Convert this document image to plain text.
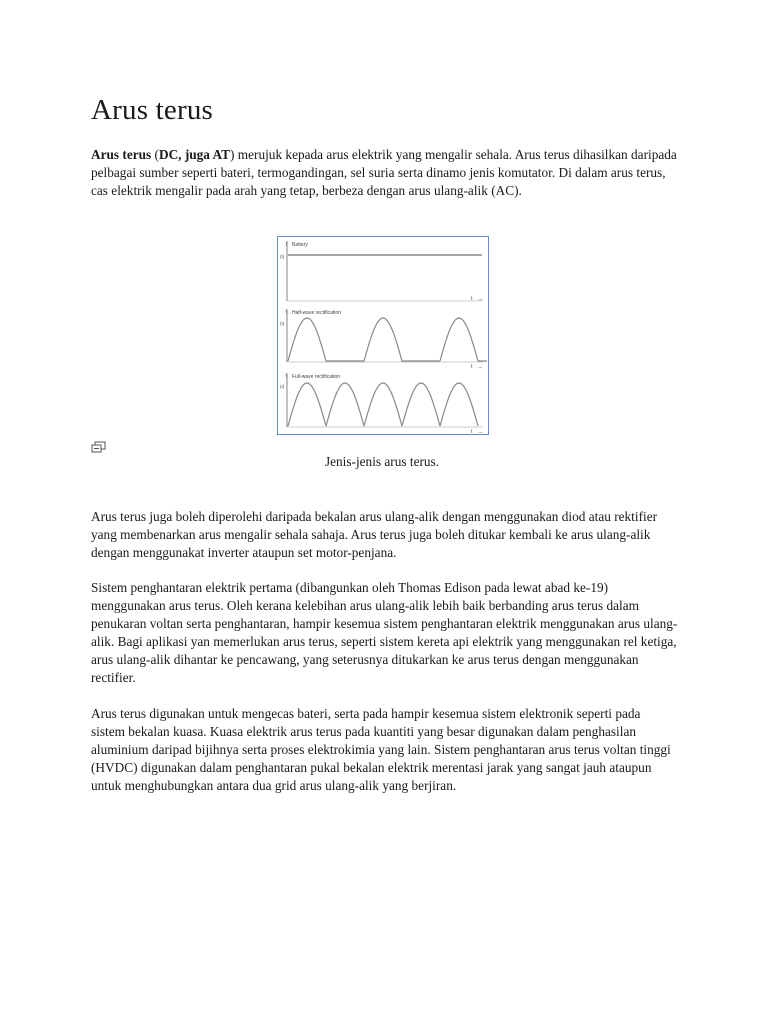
Arus terus

Arus terus (DC, juga AT) merujuk kepada arus elektrik yang mengalir sehala. Arus terus dihasilkan daripada pelbagai sumber seperti bateri, termogandingan, sel suria serta dinamo jenis komutator. Di dalam arus terus, cas elektrik mengalir pada arah yang tetap, berbeza dengan arus ulang-alik (AC).

Battery
↑
(I)
t →
Half-wave rectification
↑
(I)
t →
Full-wave rectification
↑
(I)
t →
Jenis-jenis arus terus.

Arus terus juga boleh diperolehi daripada bekalan arus ulang-alik dengan menggunakan diod atau rektifier yang membenarkan arus mengalir sehala sahaja. Arus terus juga boleh ditukar kembali ke arus ulang-alik dengan menggunakat inverter ataupun set motor-penjana.

Sistem penghantaran elektrik pertama (dibangunkan oleh Thomas Edison pada lewat abad ke-19) menggunakan arus terus. Oleh kerana kelebihan arus ulang-alik lebih baik berbanding arus terus dalam penukaran voltan serta penghantaran, hampir kesemua sistem penghantaran elektrik menggunakan arus ulang-alik. Bagi aplikasi yan memerlukan arus terus, seperti sistem kereta api elektrik yang menggunakan rel ketiga, arus ulang-alik dihantar ke pencawang, yang seterusnya ditukarkan ke arus terus dengan menggunakan rectifier.

Arus terus digunakan untuk mengecas bateri, serta pada hampir kesemua sistem elektronik seperti pada sistem bekalan kuasa. Kuasa elektrik arus terus pada kuantiti yang besar digunakan dalam penghasilan aluminium daripad bijihnya serta proses elektrokimia yang lain. Sistem penghantaran arus terus voltan tinggi (HVDC) digunakan dalam penghantaran pukal bekalan elektrik merentasi jarak yang sangat jauh ataupun untuk menghubungkan antara dua grid arus ulang-alik yang berjiran.
